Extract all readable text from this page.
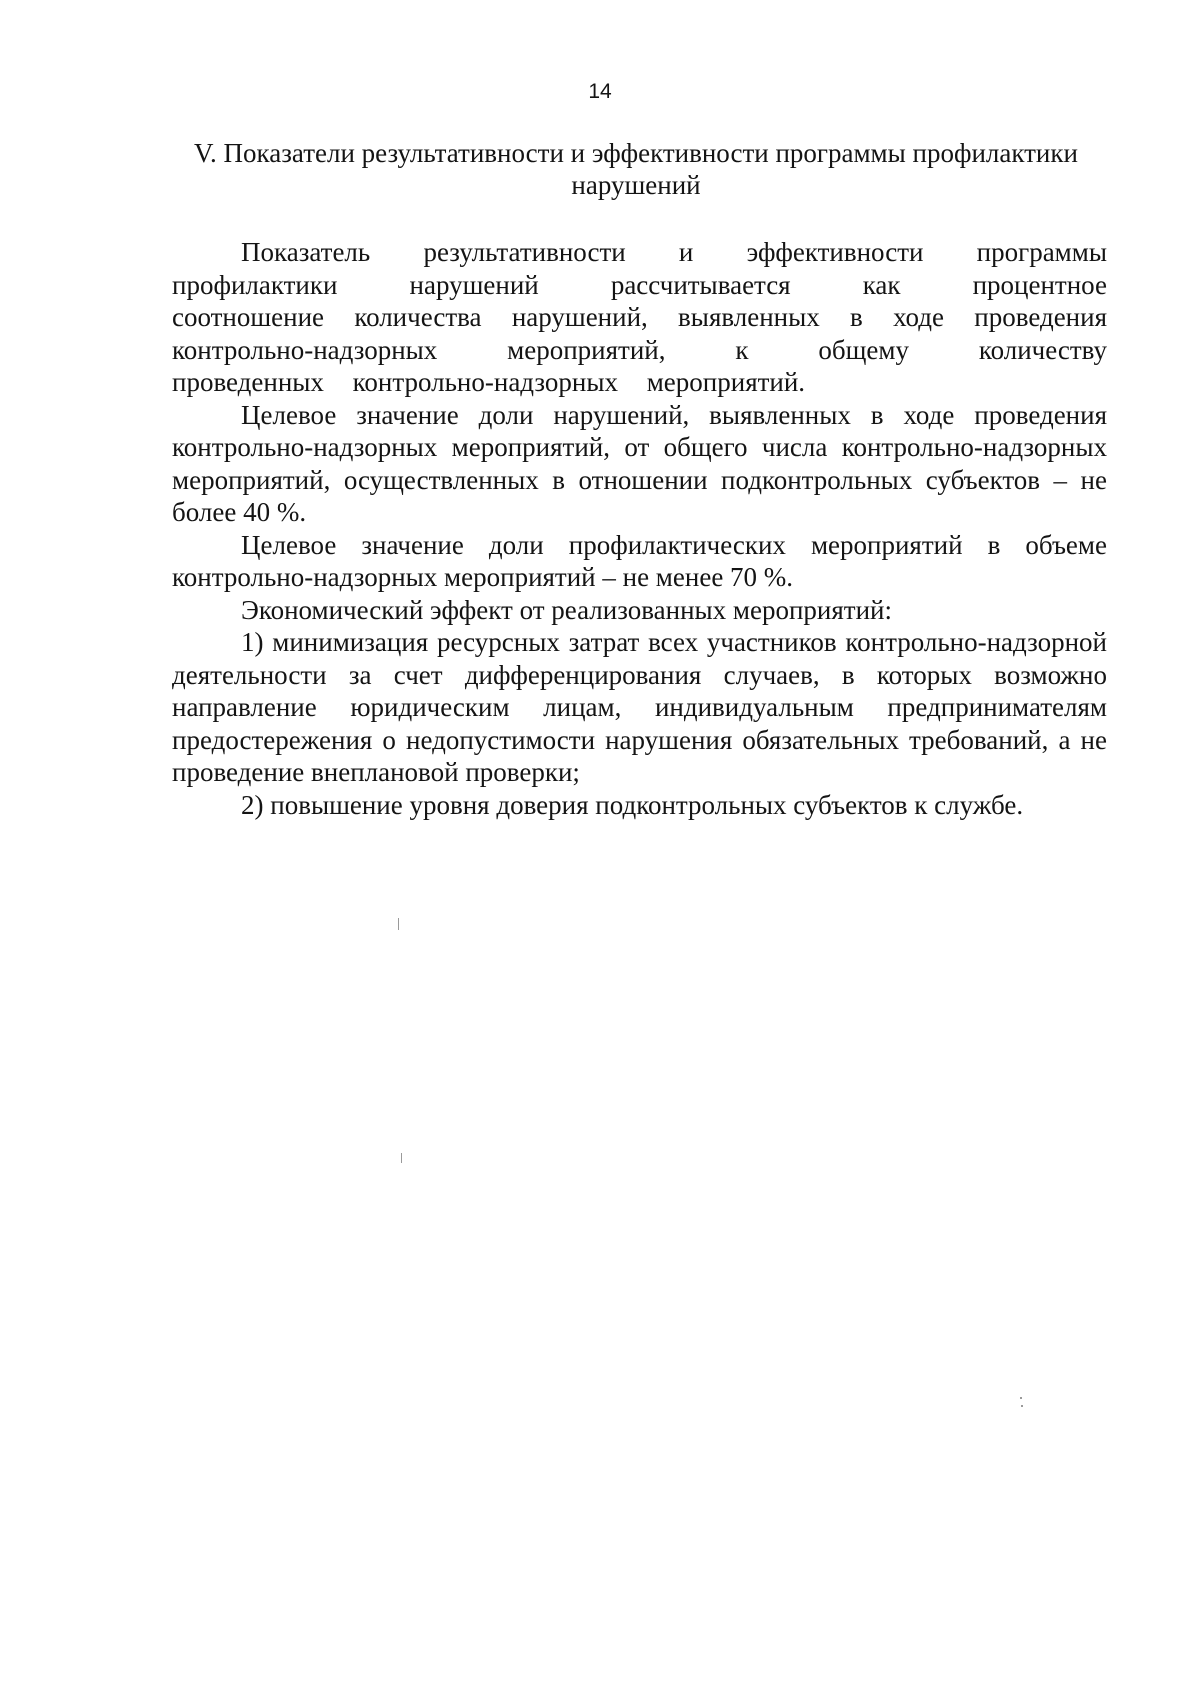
14
V. Показатели результативности и эффективности программы профилактики
нарушений

Показатель результативности и эффективности программы профилактики нарушений рассчитывается как процентное соотношение количества нарушений, выявленных в ходе проведения контрольно-надзорных мероприятий, к общему количеству проведенных контрольно-надзорных мероприятий.

Целевое значение доли нарушений, выявленных в ходе проведения контрольно-надзорных мероприятий, от общего числа контрольно-надзорных мероприятий, осуществленных в отношении подконтрольных субъектов – не более 40 %.

Целевое значение доли профилактических мероприятий в объеме контрольно-надзорных мероприятий – не менее 70 %.

Экономический эффект от реализованных мероприятий:

1) минимизация ресурсных затрат всех участников контрольно-надзорной деятельности за счет дифференцирования случаев, в которых возможно направление юридическим лицам, индивидуальным предпринимателям предостережения о недопустимости нарушения обязательных требований, а не проведение внеплановой проверки;

2) повышение уровня доверия подконтрольных субъектов к службе.
